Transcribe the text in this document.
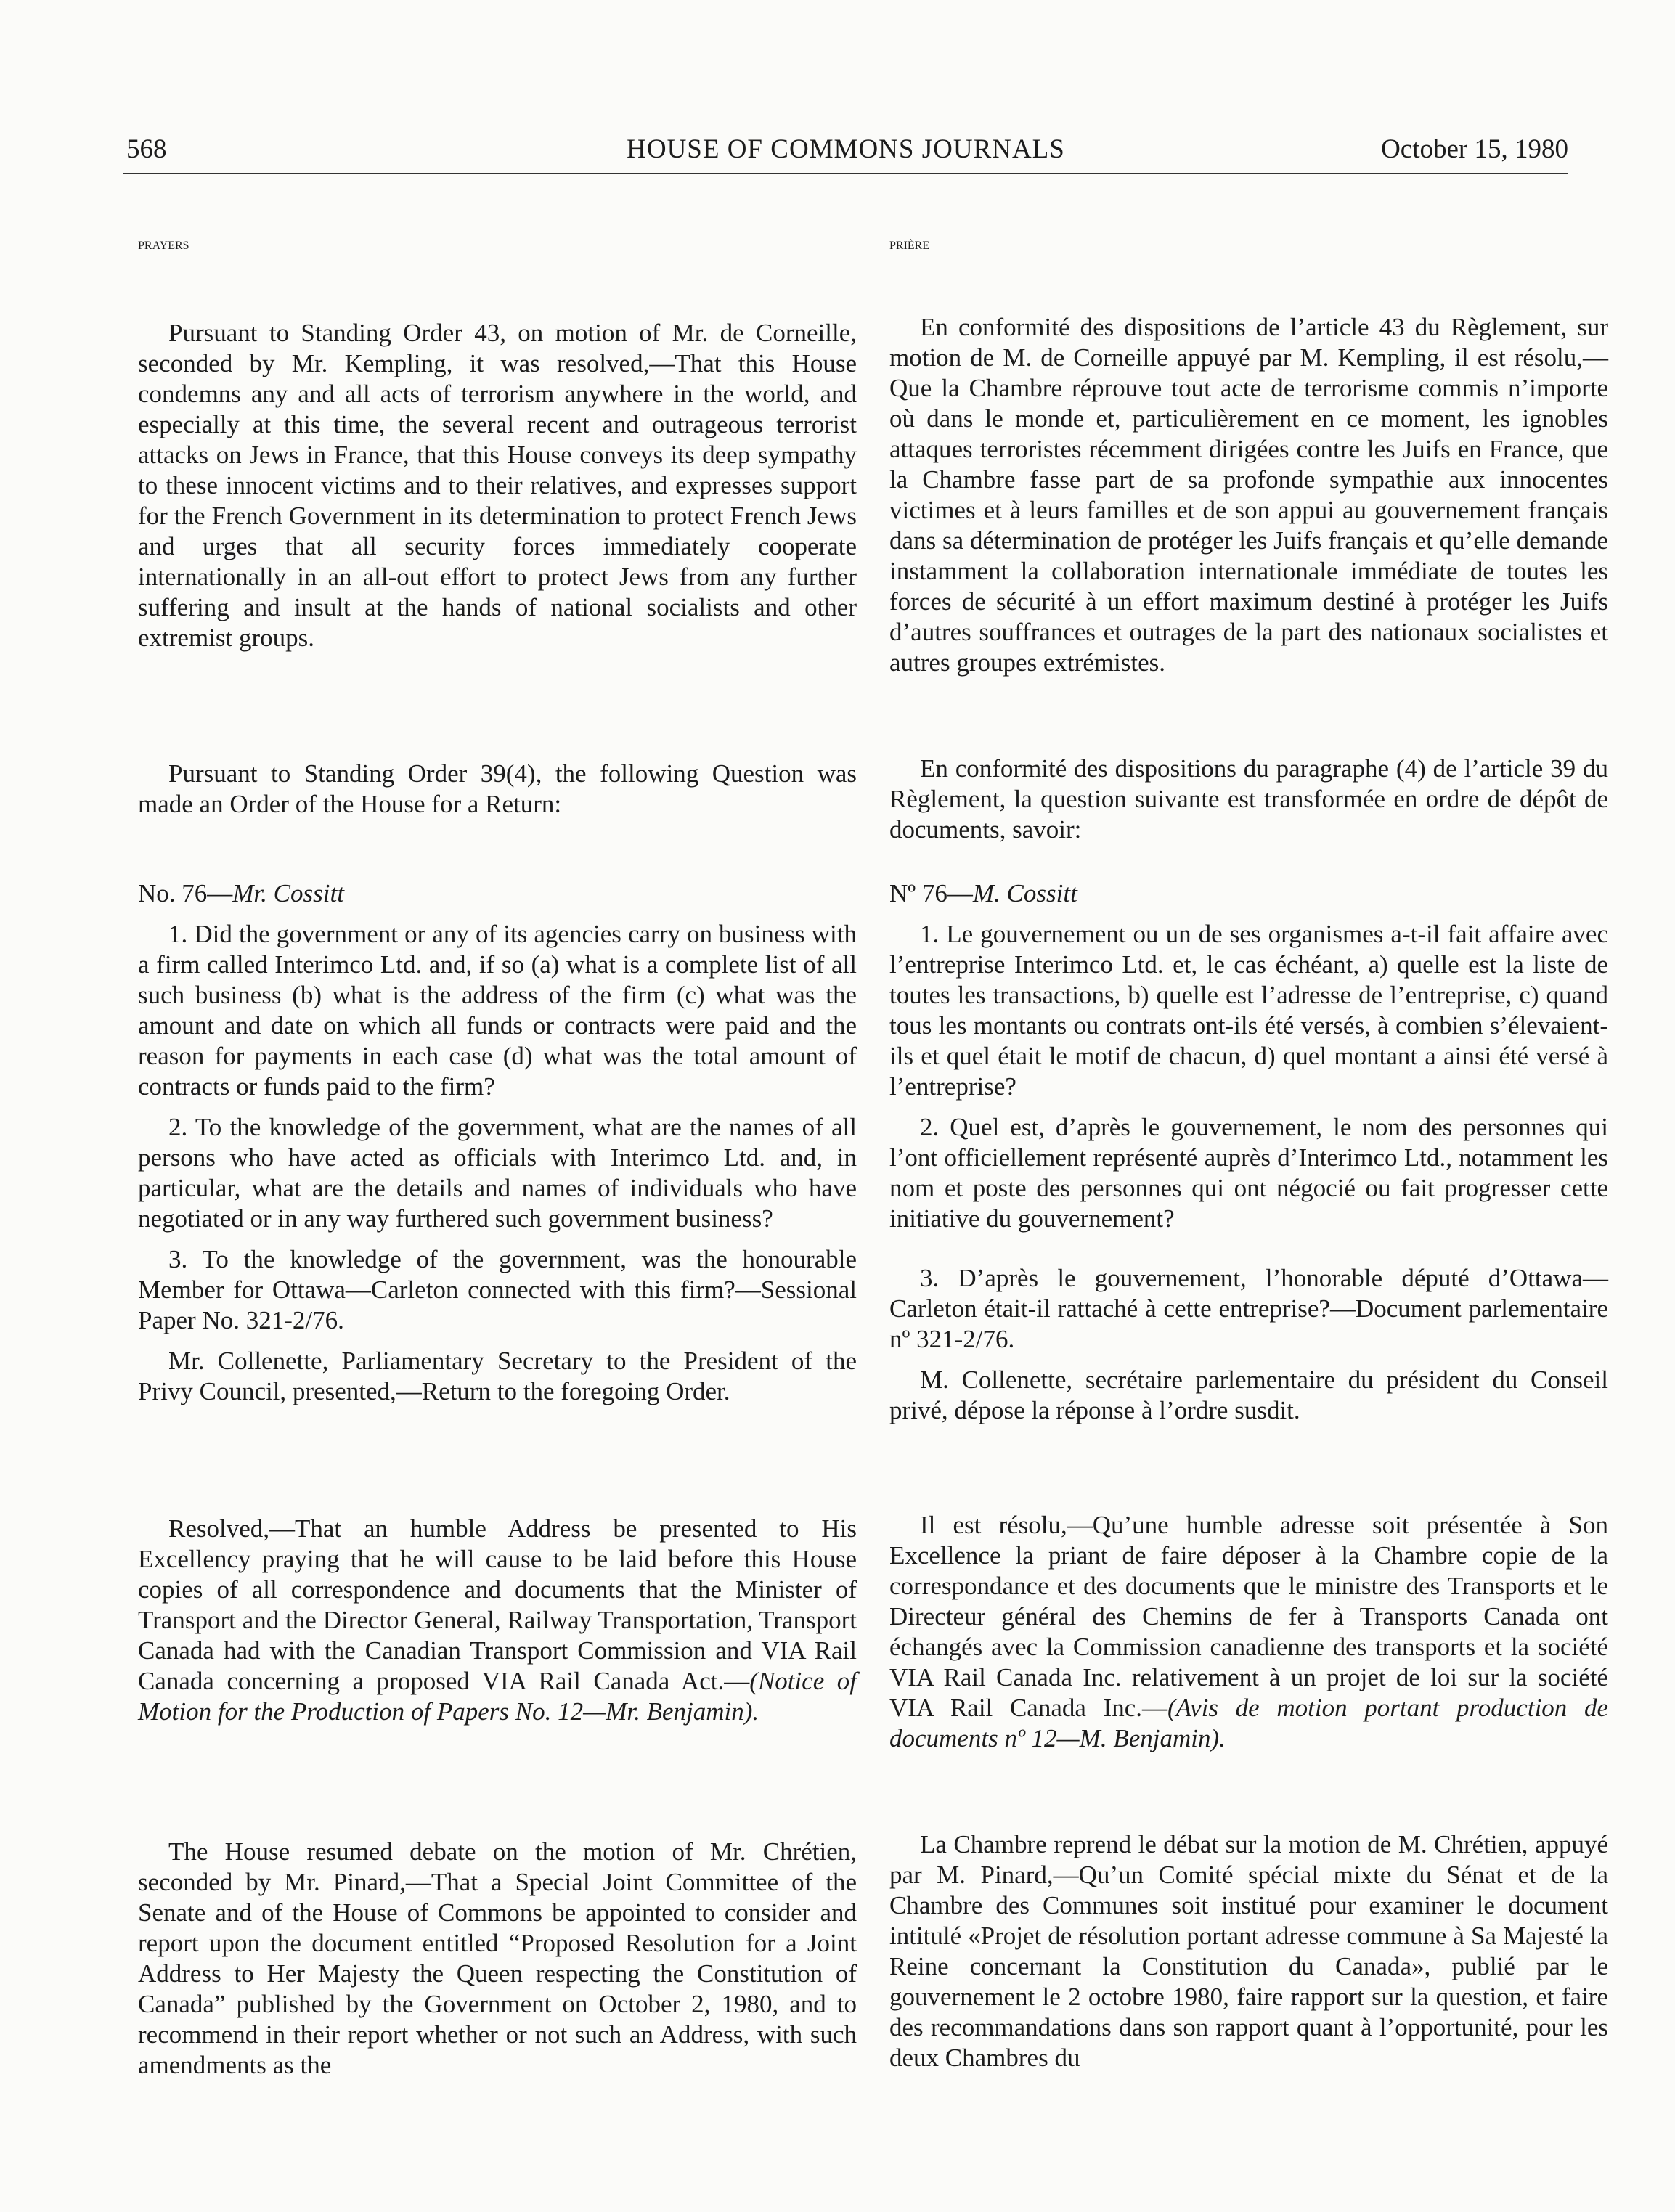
568	HOUSE OF COMMONS JOURNALS	October 15, 1980
PRAYERS

Pursuant to Standing Order 43, on motion of Mr. de Corneille, seconded by Mr. Kempling, it was resolved,—That this House condemns any and all acts of terrorism anywhere in the world, and especially at this time, the several recent and outrageous terrorist attacks on Jews in France, that this House conveys its deep sympathy to these innocent victims and to their relatives, and expresses support for the French Government in its determination to protect French Jews and urges that all security forces immediately cooperate internationally in an all-out effort to protect Jews from any further suffering and insult at the hands of national socialists and other extremist groups.

Pursuant to Standing Order 39(4), the following Question was made an Order of the House for a Return:

No. 76—Mr. Cossitt

1. Did the government or any of its agencies carry on business with a firm called Interimco Ltd. and, if so (a) what is a complete list of all such business (b) what is the address of the firm (c) what was the amount and date on which all funds or contracts were paid and the reason for payments in each case (d) what was the total amount of contracts or funds paid to the firm?

2. To the knowledge of the government, what are the names of all persons who have acted as officials with Interimco Ltd. and, in particular, what are the details and names of individuals who have negotiated or in any way furthered such government business?

3. To the knowledge of the government, was the honourable Member for Ottawa—Carleton connected with this firm?—Sessional Paper No. 321-2/76.

Mr. Collenette, Parliamentary Secretary to the President of the Privy Council, presented,—Return to the foregoing Order.

Resolved,—That an humble Address be presented to His Excellency praying that he will cause to be laid before this House copies of all correspondence and documents that the Minister of Transport and the Director General, Railway Transportation, Transport Canada had with the Canadian Transport Commission and VIA Rail Canada concerning a proposed VIA Rail Canada Act.—(Notice of Motion for the Production of Papers No. 12—Mr. Benjamin).

The House resumed debate on the motion of Mr. Chrétien, seconded by Mr. Pinard,—That a Special Joint Committee of the Senate and of the House of Commons be appointed to consider and report upon the document entitled “Proposed Resolution for a Joint Address to Her Majesty the Queen respecting the Constitution of Canada” published by the Government on October 2, 1980, and to recommend in their report whether or not such an Address, with such amendments as the

PRIÈRE

En conformité des dispositions de l’article 43 du Règlement, sur motion de M. de Corneille appuyé par M. Kempling, il est résolu,—Que la Chambre réprouve tout acte de terrorisme commis n’importe où dans le monde et, particulièrement en ce moment, les ignobles attaques terroristes récemment dirigées contre les Juifs en France, que la Chambre fasse part de sa profonde sympathie aux innocentes victimes et à leurs familles et de son appui au gouvernement français dans sa détermination de protéger les Juifs français et qu’elle demande instamment la collaboration internationale immédiate de toutes les forces de sécurité à un effort maximum destiné à protéger les Juifs d’autres souffrances et outrages de la part des nationaux socialistes et autres groupes extrémistes.

En conformité des dispositions du paragraphe (4) de l’article 39 du Règlement, la question suivante est transformée en ordre de dépôt de documents, savoir:

Nº 76—M. Cossitt

1. Le gouvernement ou un de ses organismes a-t-il fait affaire avec l’entreprise Interimco Ltd. et, le cas échéant, a) quelle est la liste de toutes les transactions, b) quelle est l’adresse de l’entreprise, c) quand tous les montants ou contrats ont-ils été versés, à combien s’élevaient-ils et quel était le motif de chacun, d) quel montant a ainsi été versé à l’entreprise?

2. Quel est, d’après le gouvernement, le nom des personnes qui l’ont officiellement représenté auprès d’Interimco Ltd., notamment les nom et poste des personnes qui ont négocié ou fait progresser cette initiative du gouvernement?

3. D’après le gouvernement, l’honorable député d’Ottawa—Carleton était-il rattaché à cette entreprise?—Document parlementaire nº 321-2/76.

M. Collenette, secrétaire parlementaire du président du Conseil privé, dépose la réponse à l’ordre susdit.

Il est résolu,—Qu’une humble adresse soit présentée à Son Excellence la priant de faire déposer à la Chambre copie de la correspondance et des documents que le ministre des Transports et le Directeur général des Chemins de fer à Transports Canada ont échangés avec la Commission canadienne des transports et la société VIA Rail Canada Inc. relativement à un projet de loi sur la société VIA Rail Canada Inc.—(Avis de motion portant production de documents nº 12—M. Benjamin).

La Chambre reprend le débat sur la motion de M. Chrétien, appuyé par M. Pinard,—Qu’un Comité spécial mixte du Sénat et de la Chambre des Communes soit institué pour examiner le document intitulé «Projet de résolution portant adresse commune à Sa Majesté la Reine concernant la Constitution du Canada», publié par le gouvernement le 2 octobre 1980, faire rapport sur la question, et faire des recommandations dans son rapport quant à l’opportunité, pour les deux Chambres du
